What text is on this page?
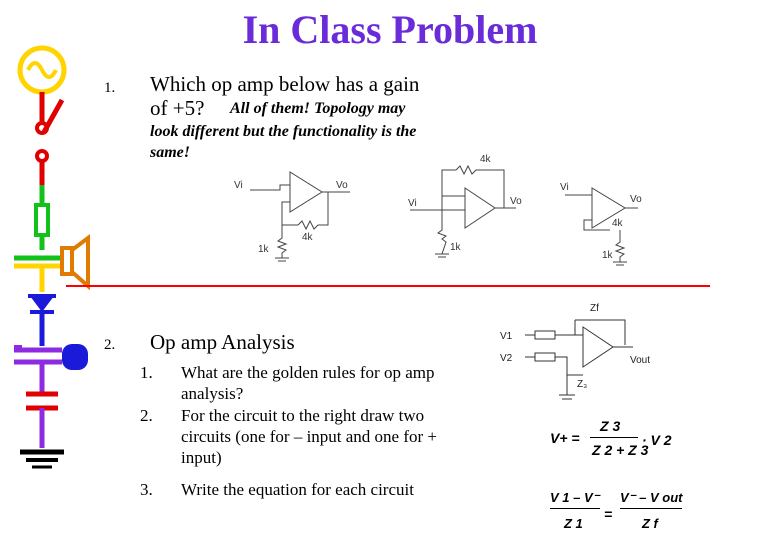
In Class Problem
1. Which op amp below has a gain
of +5? All of them! Topology may
look different but the functionality is the
same!
Vi	Vo
4k
1k
Vi	Vo
4k
1k
Vi
Vo
4k
1k
2. Op amp Analysis
1. What are the golden rules for op amp
analysis?
2. For the circuit to the right draw two
circuits (one for – input and one for +
input)
3. Write the equation for each circuit
Zf
V1
V2	Vout
Z₃
V+ =
Z 3
Z 2 + Z 3
· V 2
V 1 – V⁻
Z 1
=
V⁻ – V out
Z f
